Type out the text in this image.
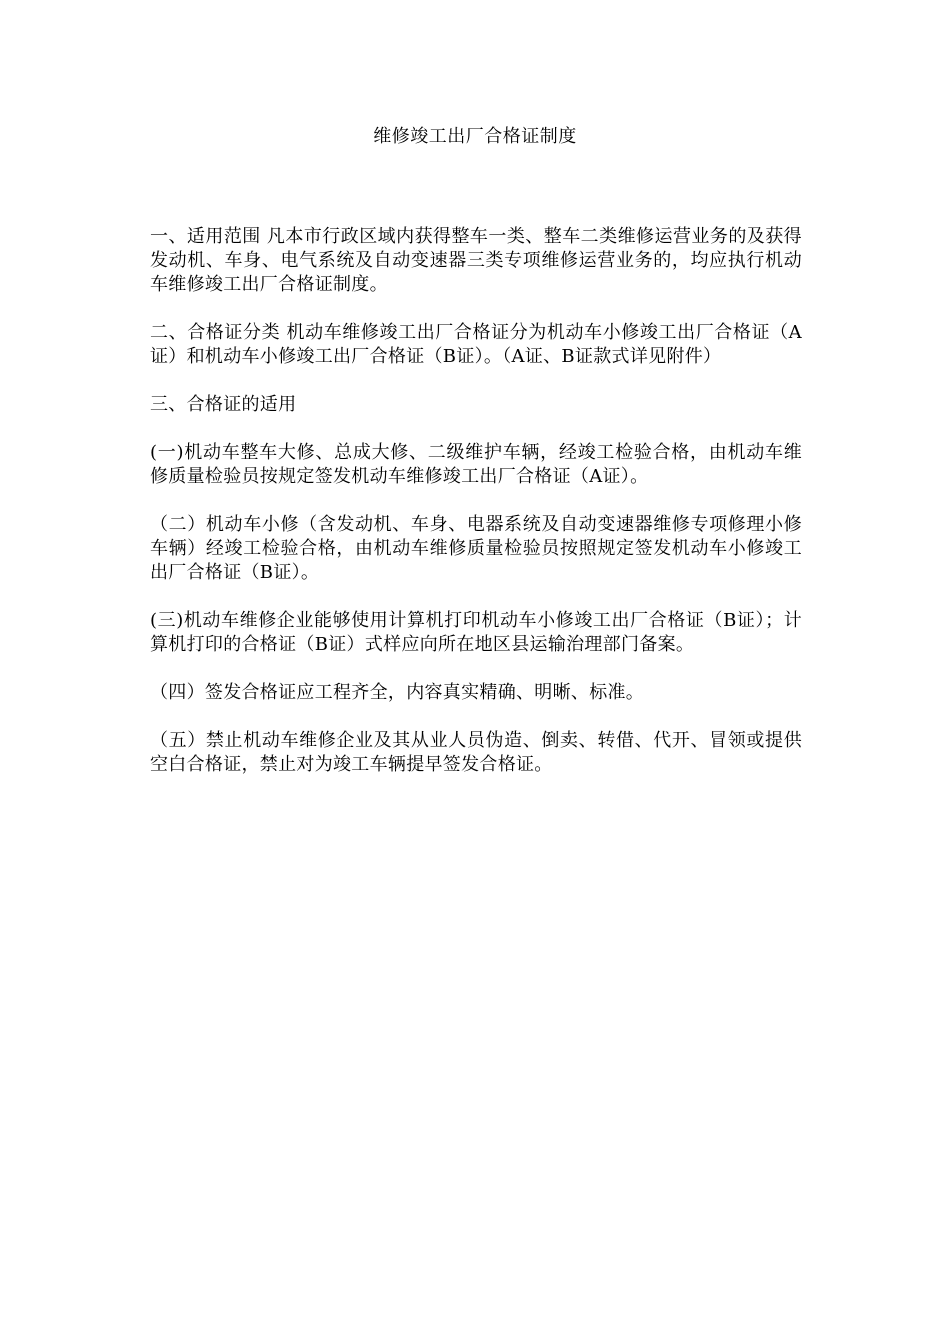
维修竣工出厂合格证制度

一、适用范围 凡本市行政区域内获得整车一类、整车二类维修运营业务的及获得发动机、车身、电气系统及自动变速器三类专项维修运营业务的，均应执行机动车维修竣工出厂合格证制度。

二、合格证分类 机动车维修竣工出厂合格证分为机动车小修竣工出厂合格证（A证）和机动车小修竣工出厂合格证（B证）。（A证、B证款式详见附件）

三、合格证的适用

(一)机动车整车大修、总成大修、二级维护车辆，经竣工检验合格，由机动车维修质量检验员按规定签发机动车维修竣工出厂合格证（A证）。

（二）机动车小修（含发动机、车身、电器系统及自动变速器维修专项修理小修车辆）经竣工检验合格，由机动车维修质量检验员按照规定签发机动车小修竣工出厂合格证（B证）。

(三)机动车维修企业能够使用计算机打印机动车小修竣工出厂合格证（B证）；计算机打印的合格证（B证）式样应向所在地区县运输治理部门备案。

（四）签发合格证应工程齐全，内容真实精确、明晰、标准。

（五）禁止机动车维修企业及其从业人员伪造、倒卖、转借、代开、冒领或提供空白合格证，禁止对为竣工车辆提早签发合格证。
